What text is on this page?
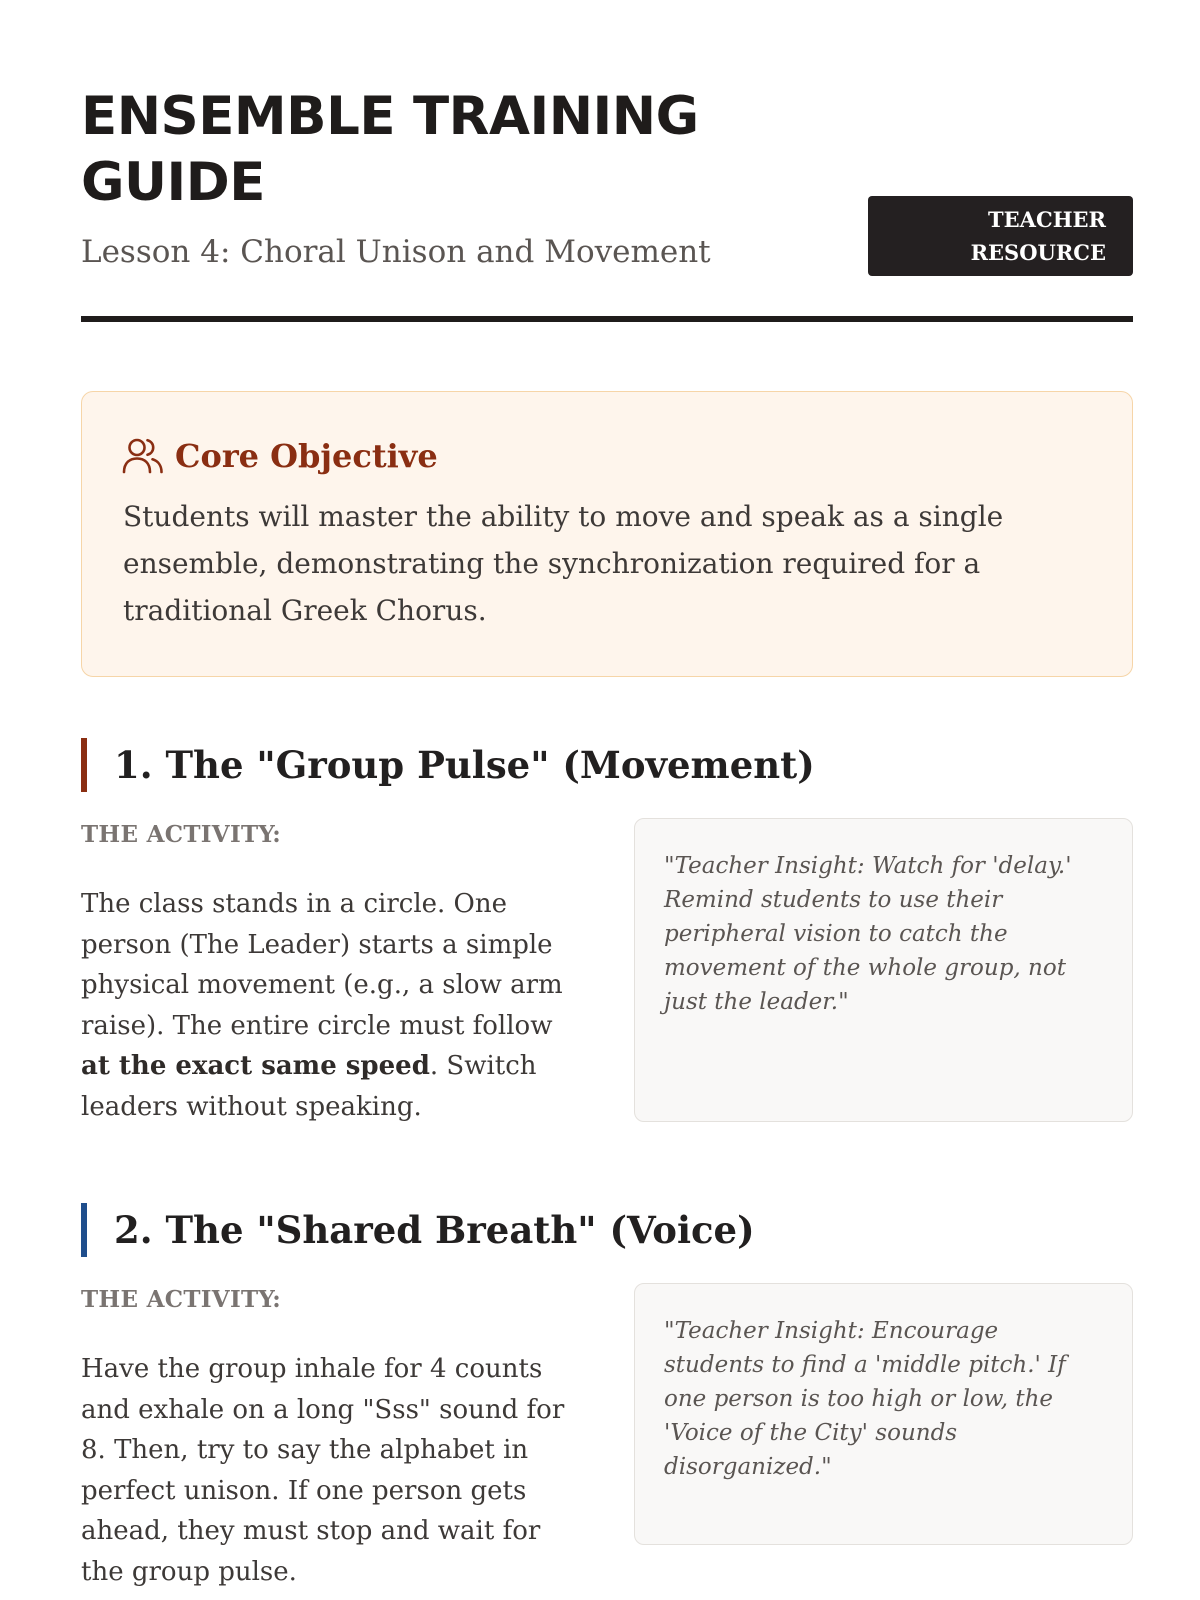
ENSEMBLE TRAINING GUIDE

Lesson 4: Choral Unison and Movement

TEACHER RESOURCE
Core Objective

Students will master the ability to move and speak as a single ensemble, demonstrating the synchronization required for a traditional Greek Chorus.

1. The "Group Pulse" (Movement)
THE ACTIVITY:

The class stands in a circle. One person (The Leader) starts a simple physical movement (e.g., a slow arm raise). The entire circle must follow at the exact same speed. Switch leaders without speaking.

"Teacher Insight: Watch for 'delay.' Remind students to use their peripheral vision to catch the movement of the whole group, not just the leader."

2. The "Shared Breath" (Voice)
THE ACTIVITY:

Have the group inhale for 4 counts and exhale on a long "Sss" sound for 8. Then, try to say the alphabet in perfect unison. If one person gets ahead, they must stop and wait for the group pulse.

"Teacher Insight: Encourage students to find a 'middle pitch.' If one person is too high or low, the 'Voice of the City' sounds disorganized."
